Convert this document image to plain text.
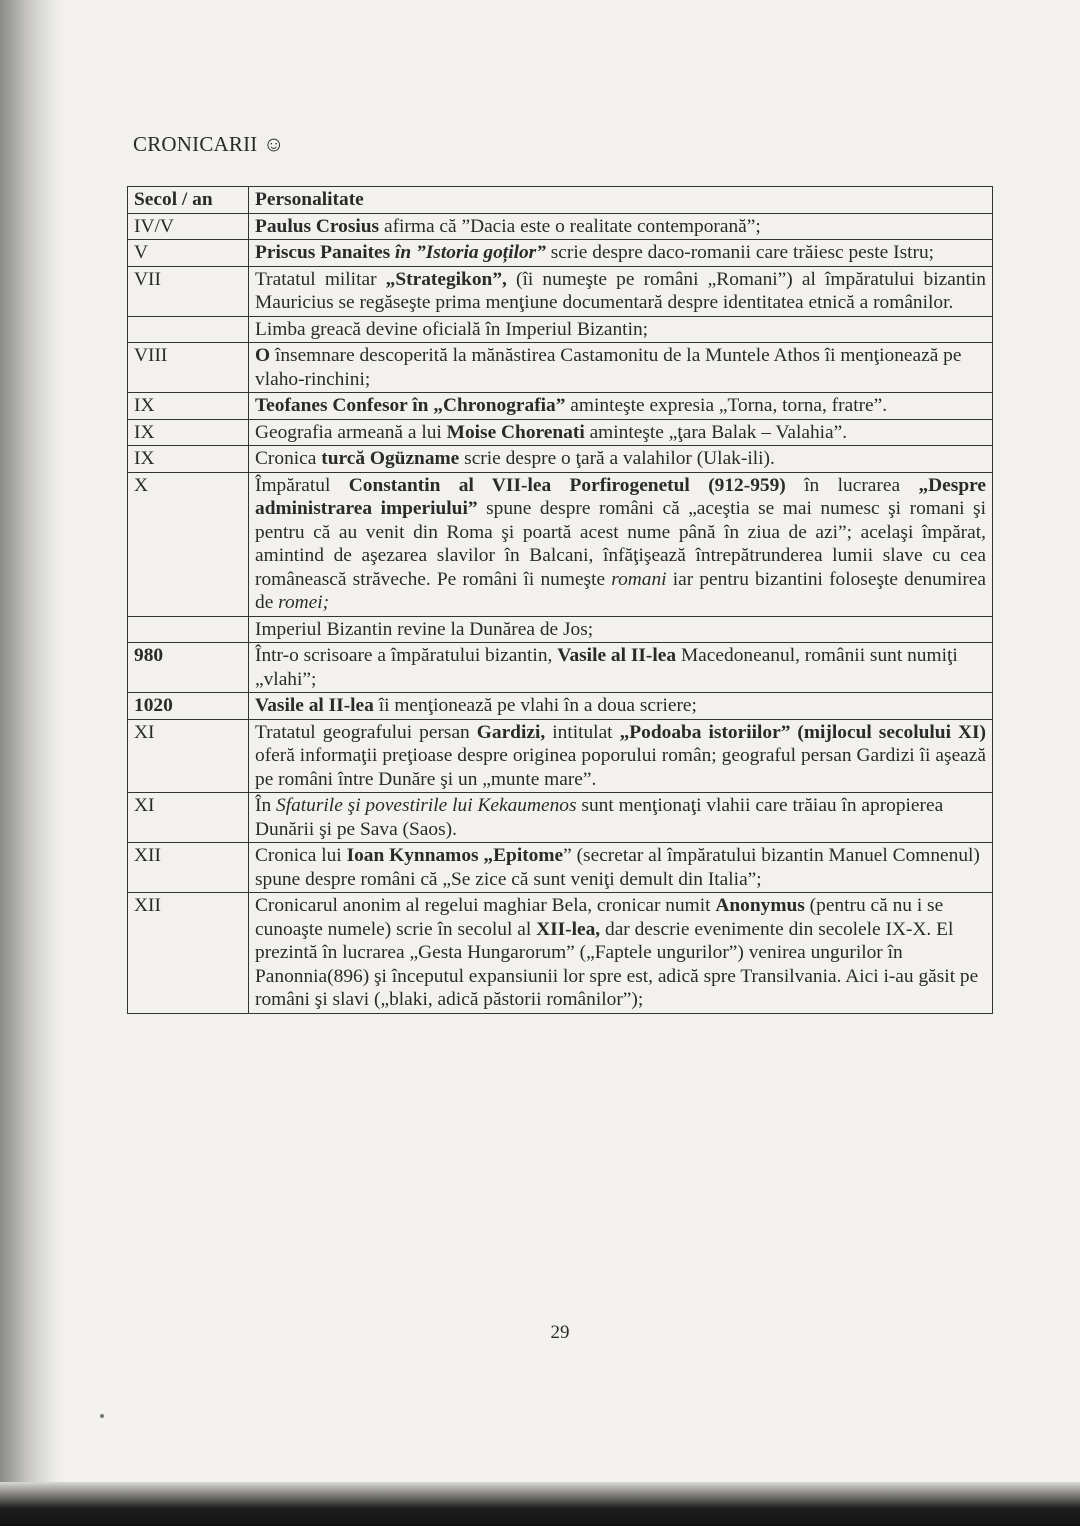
CRONICARII ☺
Secol / an	Personalitate
IV/V	Paulus Crosius afirma că ”Dacia este o realitate contemporană”;
V	Priscus Panaites în ”Istoria goților” scrie despre daco-romanii care trăiesc peste Istru;
VII	Tratatul militar „Strategikon”, (îi numeşte pe români „Romani”) al împăratului bizantin Mauricius se regăseşte prima menţiune documentară despre identitatea etnică a românilor.
	Limba greacă devine oficială în Imperiul Bizantin;
VIII	O însemnare descoperită la mănăstirea Castamonitu de la Muntele Athos îi menţionează pe vlaho-rinchini;
IX	Teofanes Confesor în „Chronografia” aminteşte expresia „Torna, torna, fratre”.
IX	Geografia armeană a lui Moise Chorenati aminteşte „ţara Balak – Valahia”.
IX	Cronica turcă Ogüzname scrie despre o ţară a valahilor (Ulak-ili).
X	Împăratul Constantin al VII-lea Porfirogenetul (912-959) în lucrarea „Despre administrarea imperiului” spune despre români că „aceştia se mai numesc şi romani şi pentru că au venit din Roma şi poartă acest nume până în ziua de azi”; acelaşi împărat, amintind de aşezarea slavilor în Balcani, înfăţişează întrepătrunderea lumii slave cu cea românească străveche. Pe români îi numeşte romani iar pentru bizantini foloseşte denumirea de romei;
	Imperiul Bizantin revine la Dunărea de Jos;
980	Într-o scrisoare a împăratului bizantin, Vasile al II-lea Macedoneanul, românii sunt numiţi „vlahi”;
1020	Vasile al II-lea îi menţionează pe vlahi în a doua scriere;
XI	Tratatul geografului persan Gardizi, intitulat „Podoaba istoriilor” (mijlocul secolului XI) oferă informaţii preţioase despre originea poporului român; geograful persan Gardizi îi aşează pe români între Dunăre şi un „munte mare”.
XI	În Sfaturile şi povestirile lui Kekaumenos sunt menţionaţi vlahii care trăiau în apropierea Dunării şi pe Sava (Saos).
XII	Cronica lui Ioan Kynnamos „Epitome” (secretar al împăratului bizantin Manuel Comnenul) spune despre români că „Se zice că sunt veniţi demult din Italia”;
XII	Cronicarul anonim al regelui maghiar Bela, cronicar numit Anonymus (pentru că nu i se cunoaşte numele) scrie în secolul al XII-lea, dar descrie evenimente din secolele IX-X. El prezintă în lucrarea „Gesta Hungarorum” („Faptele ungurilor”) venirea ungurilor în Panonnia(896) şi începutul expansiunii lor spre est, adică spre Transilvania. Aici i-au găsit pe români şi slavi („blaki, adică păstorii românilor”);
29
